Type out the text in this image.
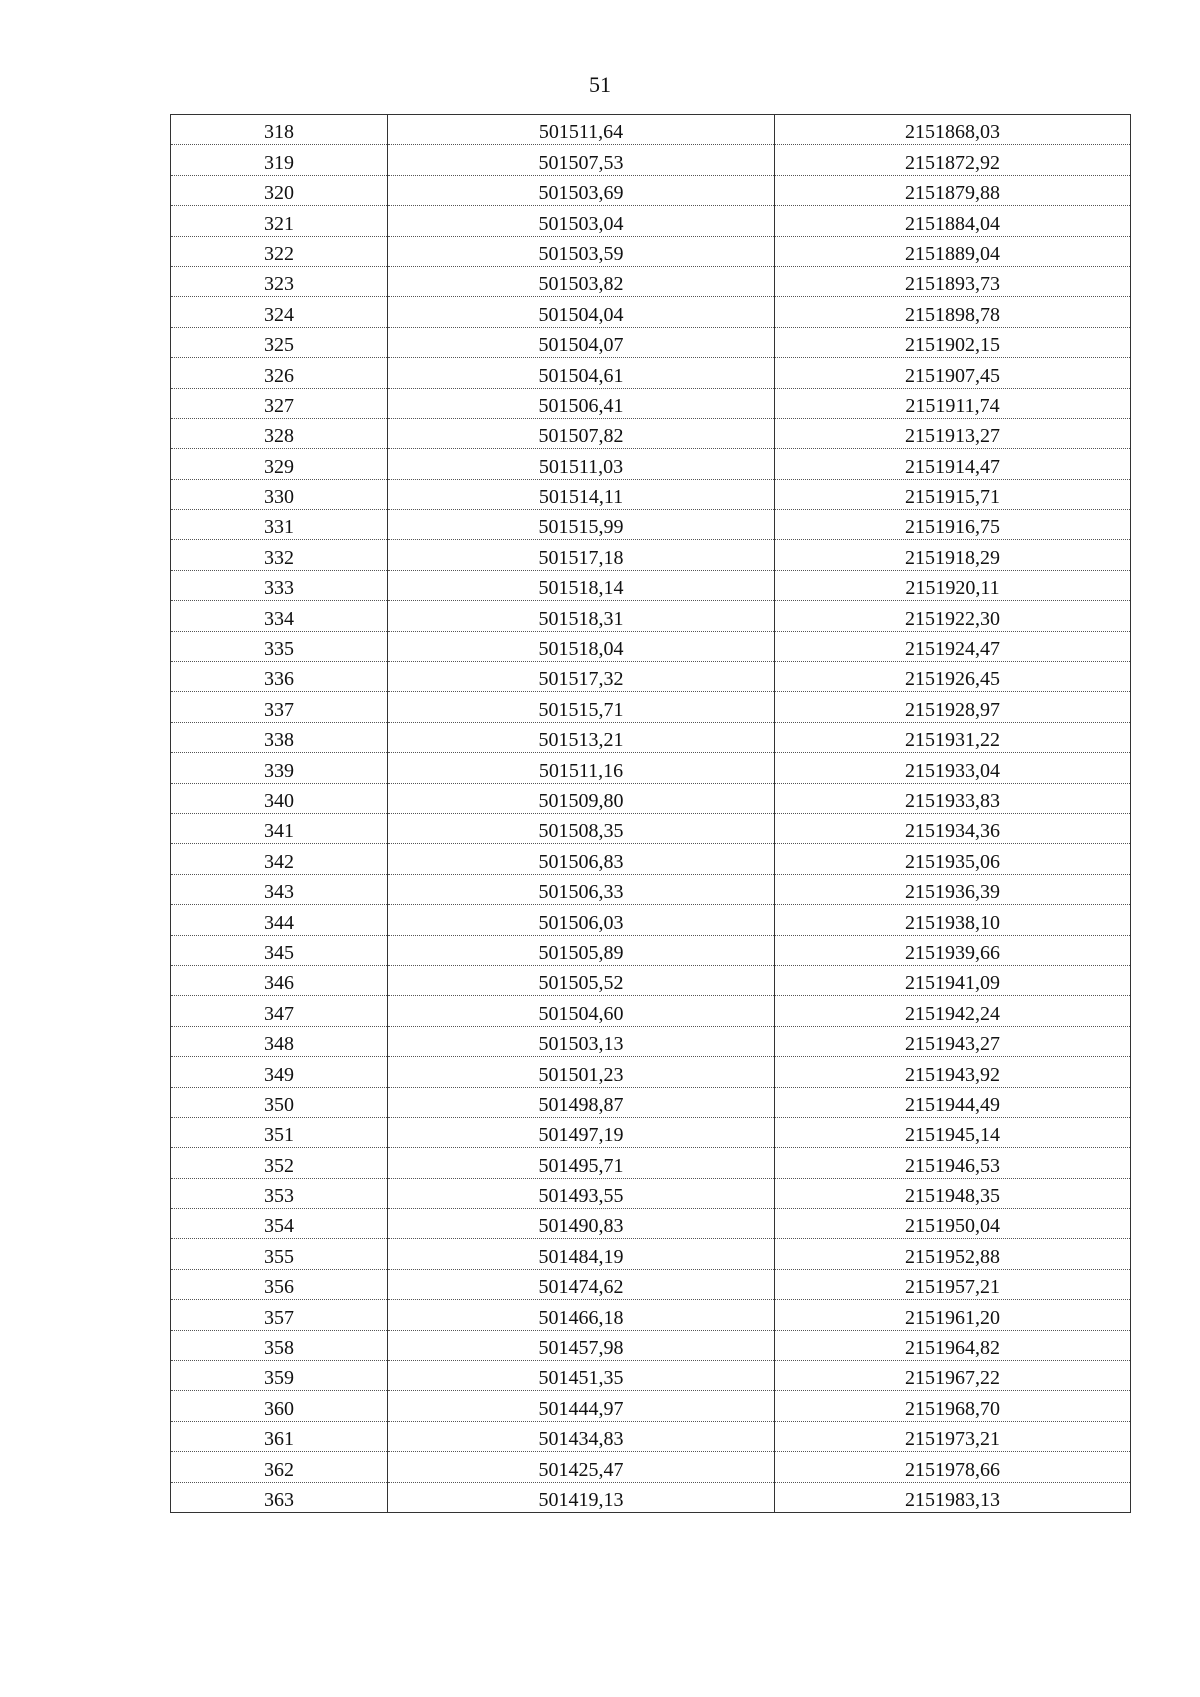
51
318	501511,64	2151868,03
319	501507,53	2151872,92
320	501503,69	2151879,88
321	501503,04	2151884,04
322	501503,59	2151889,04
323	501503,82	2151893,73
324	501504,04	2151898,78
325	501504,07	2151902,15
326	501504,61	2151907,45
327	501506,41	2151911,74
328	501507,82	2151913,27
329	501511,03	2151914,47
330	501514,11	2151915,71
331	501515,99	2151916,75
332	501517,18	2151918,29
333	501518,14	2151920,11
334	501518,31	2151922,30
335	501518,04	2151924,47
336	501517,32	2151926,45
337	501515,71	2151928,97
338	501513,21	2151931,22
339	501511,16	2151933,04
340	501509,80	2151933,83
341	501508,35	2151934,36
342	501506,83	2151935,06
343	501506,33	2151936,39
344	501506,03	2151938,10
345	501505,89	2151939,66
346	501505,52	2151941,09
347	501504,60	2151942,24
348	501503,13	2151943,27
349	501501,23	2151943,92
350	501498,87	2151944,49
351	501497,19	2151945,14
352	501495,71	2151946,53
353	501493,55	2151948,35
354	501490,83	2151950,04
355	501484,19	2151952,88
356	501474,62	2151957,21
357	501466,18	2151961,20
358	501457,98	2151964,82
359	501451,35	2151967,22
360	501444,97	2151968,70
361	501434,83	2151973,21
362	501425,47	2151978,66
363	501419,13	2151983,13
